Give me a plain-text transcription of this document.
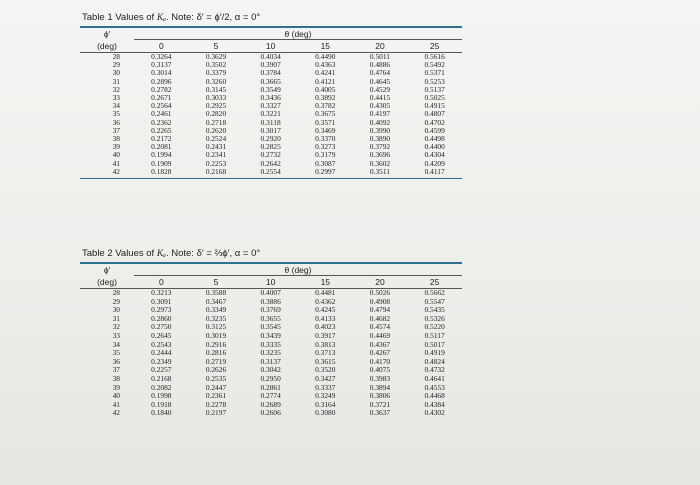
Table 1 Values of Kₐ. Note: δ′ = ϕ′/2, α = 0°

ϕ′	θ (deg)					
(deg)	0	5	10	15	20	25
28	0.3264	0.3629	0.4034	0.4490	0.5011	0.5616
29	0.3137	0.3502	0.3907	0.4363	0.4886	0.5492
30	0.3014	0.3379	0.3784	0.4241	0.4764	0.5371
31	0.2896	0.3260	0.3665	0.4121	0.4645	0.5253
32	0.2782	0.3145	0.3549	0.4005	0.4529	0.5137
33	0.2671	0.3033	0.3436	0.3892	0.4415	0.5025
34	0.2564	0.2925	0.3327	0.3782	0.4305	0.4915
35	0.2461	0.2820	0.3221	0.3675	0.4197	0.4807
36	0.2362	0.2718	0.3118	0.3571	0.4092	0.4702
37	0.2265	0.2620	0.3017	0.3469	0.3990	0.4599
38	0.2172	0.2524	0.2920	0.3370	0.3890	0.4498
39	0.2081	0.2431	0.2825	0.3273	0.3792	0.4400
40	0.1994	0.2341	0.2732	0.3179	0.3696	0.4304
41	0.1909	0.2253	0.2642	0.3087	0.3602	0.4209
42	0.1828	0.2168	0.2554	0.2997	0.3511	0.4117

Table 2 Values of Kₐ. Note: δ′ = ⅔ϕ′, α = 0°

ϕ′	θ (deg)					
(deg)	0	5	10	15	20	25
28	0.3213	0.3588	0.4007	0.4481	0.5026	0.5662
29	0.3091	0.3467	0.3886	0.4362	0.4908	0.5547
30	0.2973	0.3349	0.3769	0.4245	0.4794	0.5435
31	0.2860	0.3235	0.3655	0.4133	0.4682	0.5326
32	0.2750	0.3125	0.3545	0.4023	0.4574	0.5220
33	0.2645	0.3019	0.3439	0.3917	0.4469	0.5117
34	0.2543	0.2916	0.3335	0.3813	0.4367	0.5017
35	0.2444	0.2816	0.3235	0.3713	0.4267	0.4919
36	0.2349	0.2719	0.3137	0.3615	0.4170	0.4824
37	0.2257	0.2626	0.3042	0.3520	0.4075	0.4732
38	0.2168	0.2535	0.2950	0.3427	0.3983	0.4641
39	0.2082	0.2447	0.2861	0.3337	0.3894	0.4553
40	0.1998	0.2361	0.2774	0.3249	0.3806	0.4468
41	0.1918	0.2278	0.2689	0.3164	0.3721	0.4384
42	0.1840	0.2197	0.2606	0.3080	0.3637	0.4302
